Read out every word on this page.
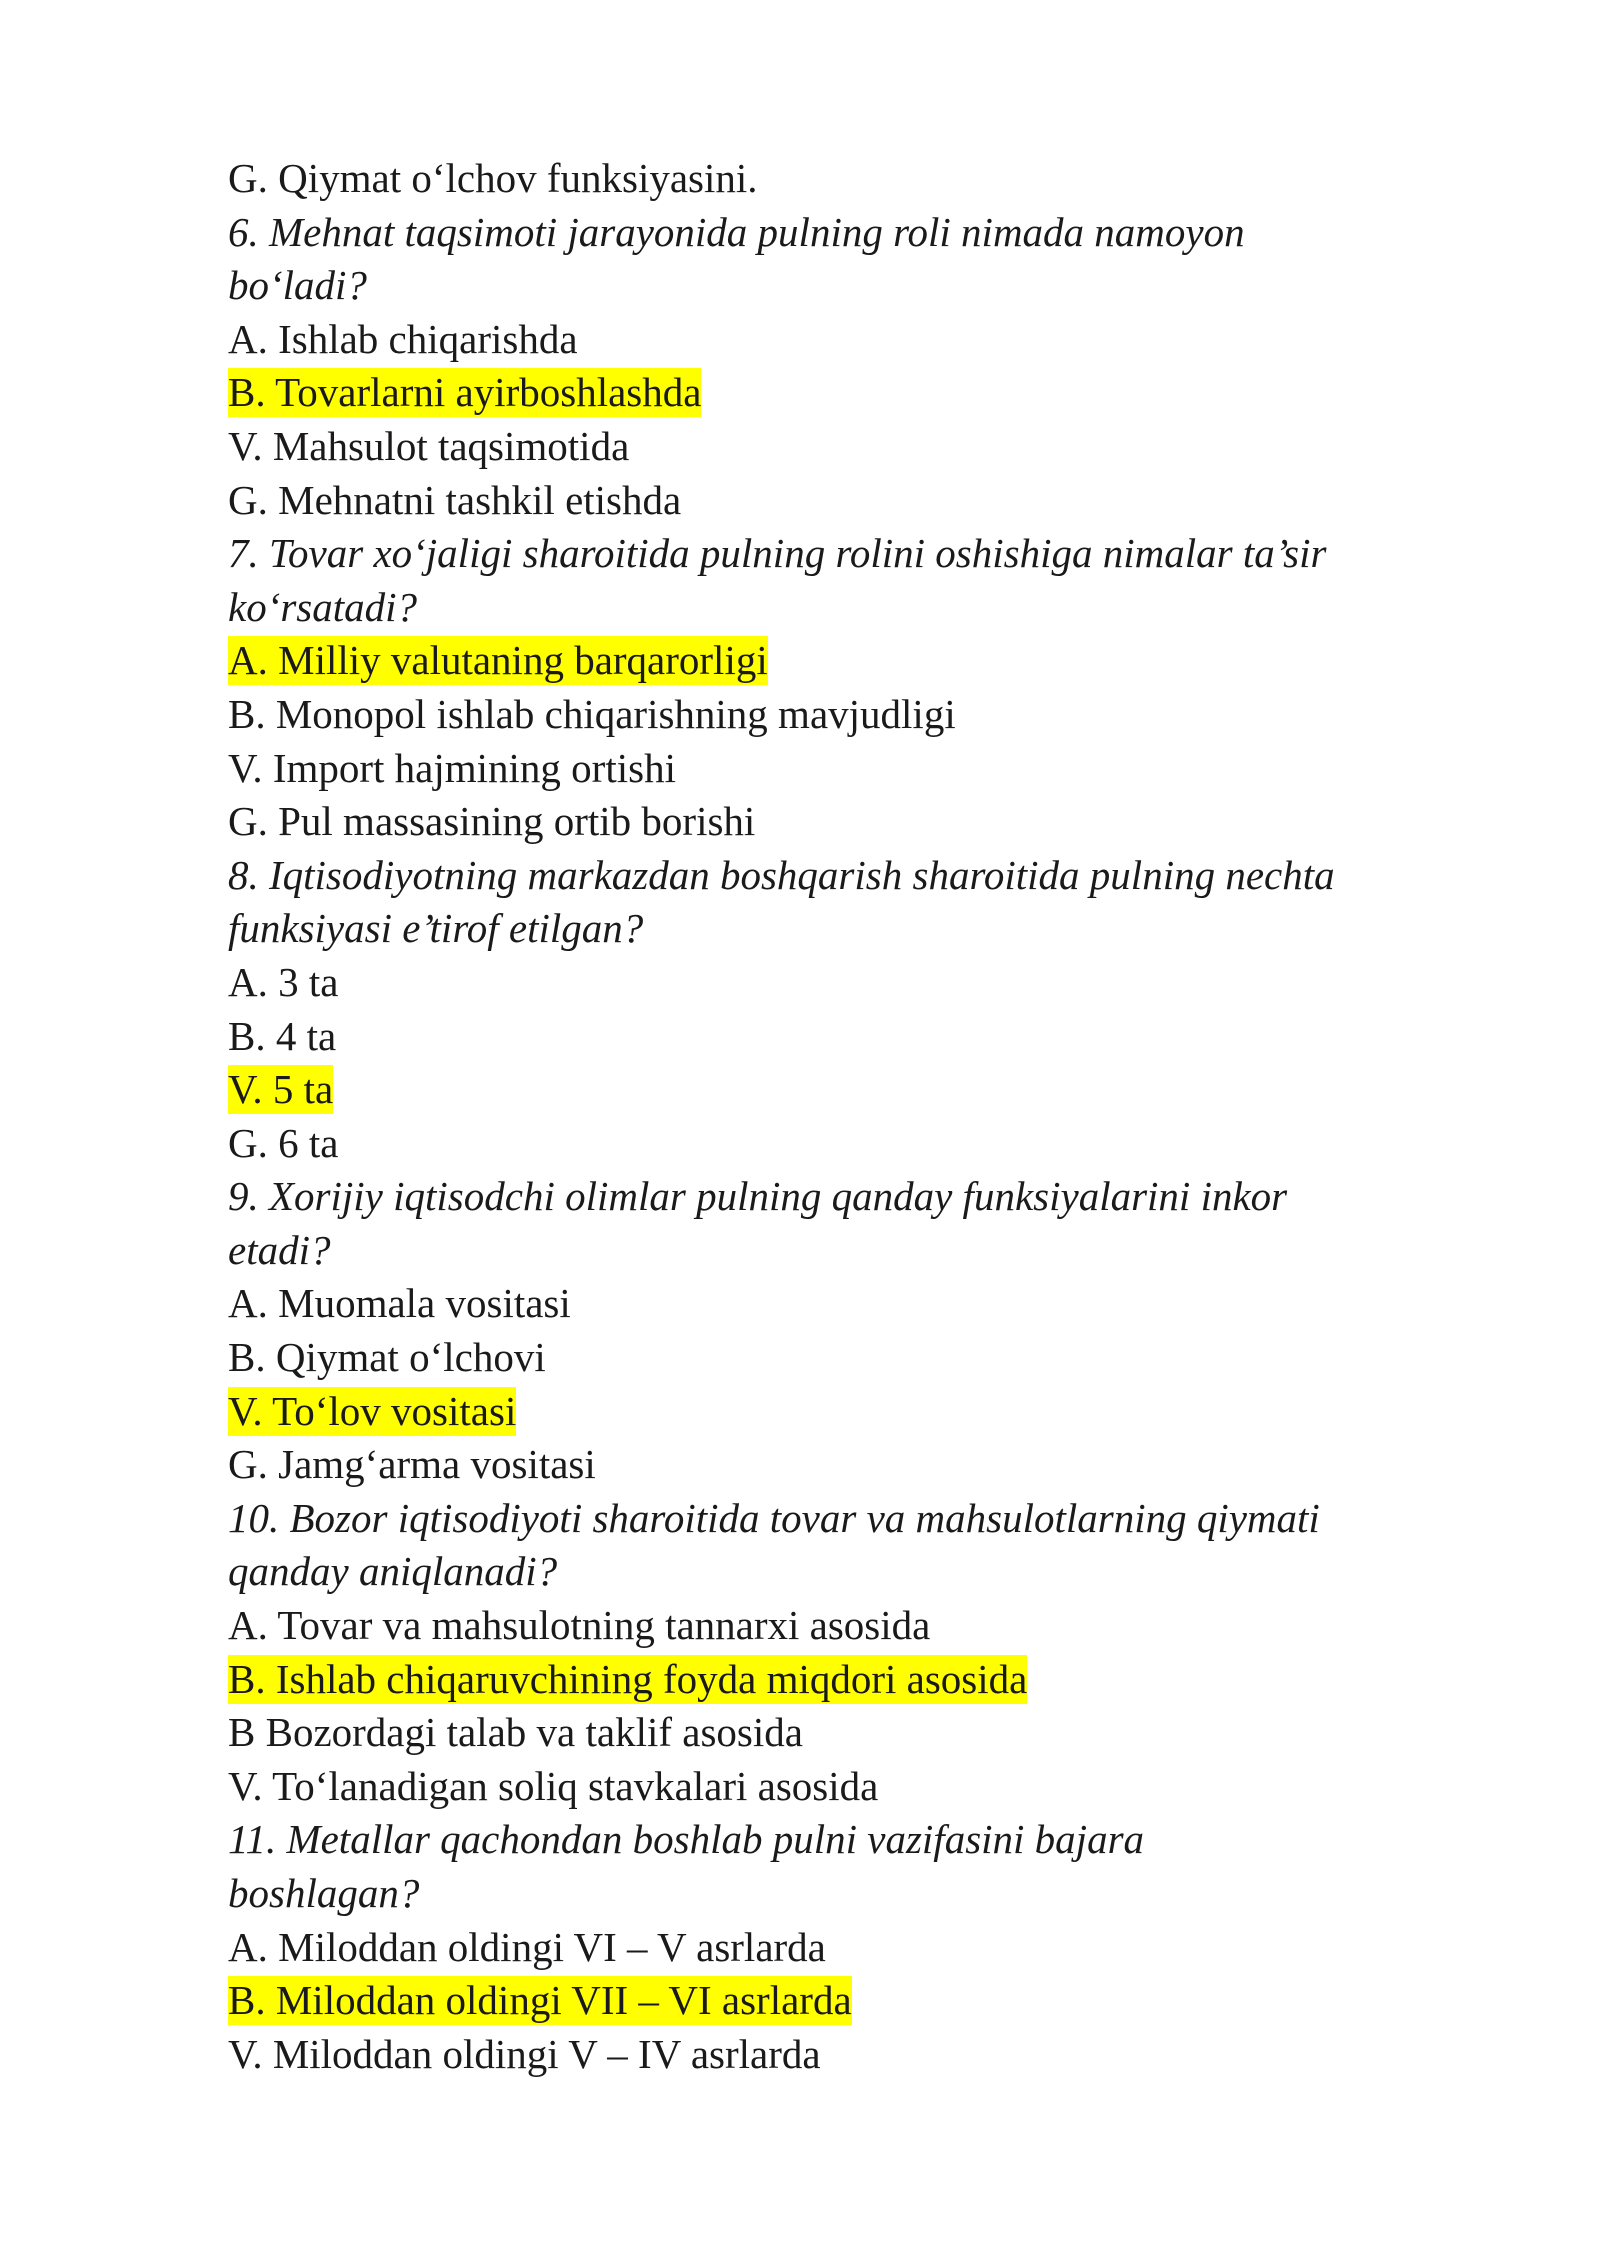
G. Qiymat o‘lchov funksiyasini.
6. Mehnat taqsimoti jarayonida pulning roli nimada namoyon
bo‘ladi?
A. Ishlab chiqarishda
B. Tovarlarni ayirboshlashda
V. Mahsulot taqsimotida
G. Mehnatni tashkil etishda
7. Tovar xo‘jaligi sharoitida pulning rolini oshishiga nimalar ta’sir
ko‘rsatadi?
A. Milliy valutaning barqarorligi
B. Monopol ishlab chiqarishning mavjudligi
V. Import hajmining ortishi
G. Pul massasining ortib borishi
8. Iqtisodiyotning markazdan boshqarish sharoitida pulning nechta
funksiyasi e’tirof etilgan?
A. 3 ta
B. 4 ta
V. 5 ta
G. 6 ta
9. Xorijiy iqtisodchi olimlar pulning qanday funksiyalarini inkor
etadi?
A. Muomala vositasi
B. Qiymat o‘lchovi
V. To‘lov vositasi
G. Jamg‘arma vositasi
10. Bozor iqtisodiyoti sharoitida tovar va mahsulotlarning qiymati
qanday aniqlanadi?
A. Tovar va mahsulotning tannarxi asosida
B. Ishlab chiqaruvchining foyda miqdori asosida
B Bozordagi talab va taklif asosida
V. To‘lanadigan soliq stavkalari asosida
11. Metallar qachondan boshlab pulni vazifasini bajara
boshlagan?
A. Miloddan oldingi VI – V asrlarda
B. Miloddan oldingi VII – VI asrlarda
V. Miloddan oldingi V – IV asrlarda
